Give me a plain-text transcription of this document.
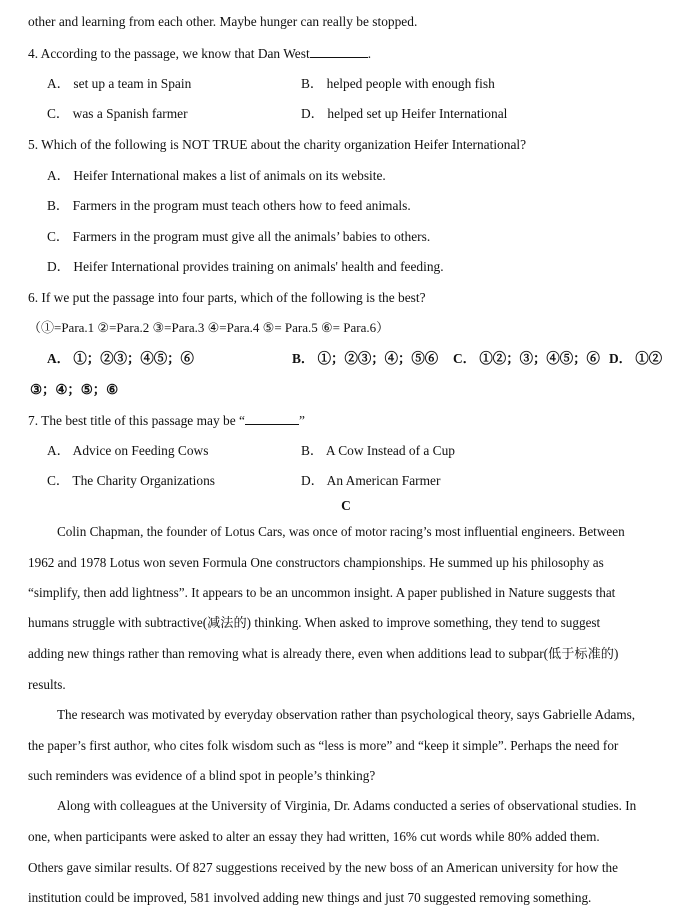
other and learning from each other. Maybe hunger can really be stopped.
4. According to the passage, we know that Dan West	.
A． set up a team in Spain	B． helped people with enough fish
C． was a Spanish farmer	D． helped set up Heifer International
5. Which of the following is NOT TRUE about the charity organization Heifer International?
A． Heifer International makes a list of animals on its website.
B． Farmers in the program must teach others how to feed animals.
C． Farmers in the program must give all the animals’ babies to others.
D． Heifer International provides training on animals' health and feeding.
6. If we put the passage into four parts, which of the following is the best?
（①=Para.1 ②=Para.2 ③=Para.3 ④=Para.4 ⑤= Para.5 ⑥= Para.6）
A． ①；②③；④⑤；⑥	B． ①；②③；④；⑤⑥ C． ①②；③；④⑤；⑥ D． ①②
③；④；⑤；⑥
7. The best title of this passage may be “	”
A． Advice on Feeding Cows	B． A Cow Instead of a Cup
C． The Charity Organizations	D． An American Farmer
C
Colin Chapman, the founder of Lotus Cars, was once of motor racing’s most influential engineers. Between
1962 and 1978 Lotus won seven Formula One constructors championships. He summed up his philosophy as
“simplify, then add lightness”. It appears to be an uncommon insight. A paper published in Nature suggests that
humans struggle with subtractive(减法的) thinking. When asked to improve something, they tend to suggest
adding new things rather than removing what is already there, even when additions lead to subpar(低于标准的)
results.
The research was motivated by everyday observation rather than psychological theory, says Gabrielle Adams,
the paper’s first author, who cites folk wisdom such as “less is more” and “keep it simple”. Perhaps the need for
such reminders was evidence of a blind spot in people’s thinking?
Along with colleagues at the University of Virginia, Dr. Adams conducted a series of observational studies. In
one, when participants were asked to alter an essay they had written, 16% cut words while 80% added them.
Others gave similar results. Of 827 suggestions received by the new boss of an American university for how the
institution could be improved, 581 involved adding new things and just 70 suggested removing something.
